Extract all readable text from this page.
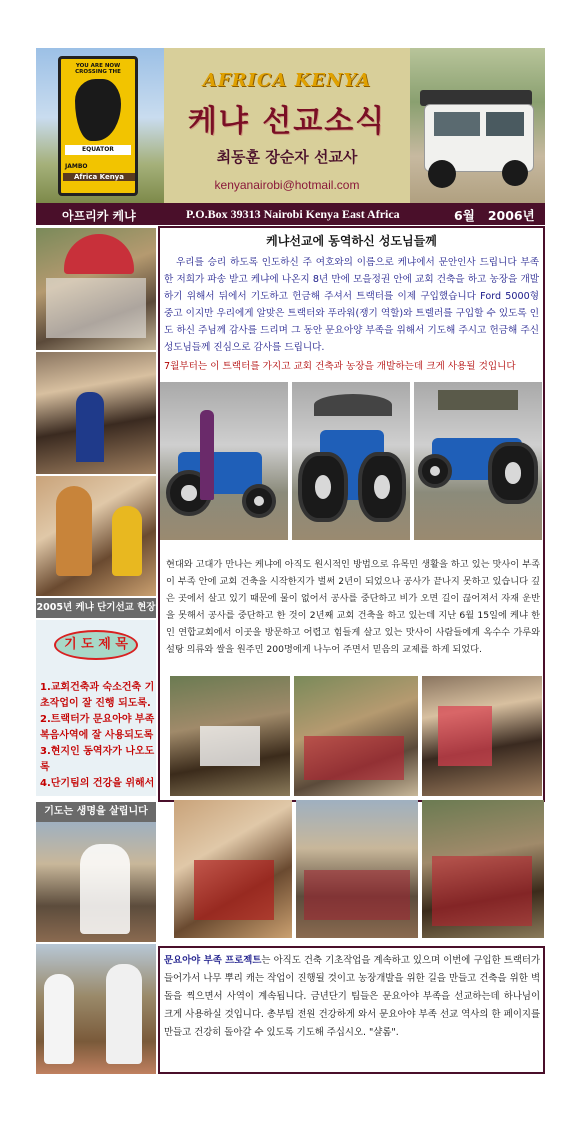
YOU ARE NOW
CROSSING THE
EQUATOR
JAMBO
Africa Kenya
AFRICA KENYA
케냐 선교소식
최동훈 장순자 선교사
kenyanairobi@hotmail.com
아프리카 케냐	P.O.Box 39313 Nairobi Kenya East Africa	6월   2006년
2005년 케냐 단기선교 현장
기 도 제 목
1.교회건축과 숙소건축 기초작업이 잘 진행 되도록.
2.트랙터가 문요아야 부족 복음사역에 잘 사용되도록
3.현지인 동역자가 나오도록
4.단기팀의 건강을 위해서
기도는 생명을 살립니다
케냐선교에 동역하신 성도님들께
우리를 승리 하도록 인도하신 주 여호와의 이름으로 케냐에서 문안인사 드립니다 부족한 저희가 파송 받고 케냐에 나온지 8년 만에 모을정권 안에 교회 건축을 하고 농장을 개발하기 위해서 뒤에서 기도하고 헌금해 주셔서 트랙터를 이제 구입했습니다 Ford 5000형 중고 이지만 우리에게 알맞은 트랙터와 푸라워(쟁기 역할)와 트렐러를 구입할 수 있도록 인도 하신 주님께 감사를 드리며 그 동안 문요아양 부족을 위해서 기도해 주시고 헌금해 주신 성도님들께 진심으로 감사를 드립니다.
7월부터는 이 트랙터를 가지고 교회 건축과 농장을 개발하는데 크게 사용될 것입니다
현대와 고대가 만나는 케냐에 아직도 원시적인 방법으로 유목민 생활을 하고 있는 맛사이 부족이 부족 안에 교회 건축을 시작한지가 벌써 2년이 되었으나 공사가 끝나지 못하고 있습니다 깊은 곳에서 살고 있기 때문에 물이 없어서 공사를 중단하고 비가 오면 길이 끊어져서 자재 운반을 못해서 공사를 중단하고 한 것이 2년째 교회 건축을 하고 있는데 지난 6월 15일에 케냐 한인 연합교회에서 이곳을 방문하고 어렵고 힘들게 살고 있는 맛사이 사람들에게 옥수수 가루와 설탕 의류와 쌀을 원주민 200명에게 나누어 주면서 믿음의 교제를 하게 되었다.
문요아야 부족 프로젝트는 아직도 건축 기초작업을 계속하고 있으며 이번에 구입한 트랙터가 들어가서 나무 뿌리 캐는 작업이 진행될 것이고 농장개발을 위한 길을 만들고 건축을 위한 벽돌을 찍으면서 사역이 계속됩니다. 금년단기 팀들은 문요아야 부족을 선교하는데 하나님이 크게 사용하실 것입니다. 총부팀 전원 건강하게 와서 문요아야 부족 선교 역사의 한 페이지를 만들고 건강히 돌아갈 수 있도록 기도해 주십시오. "샬롬".
